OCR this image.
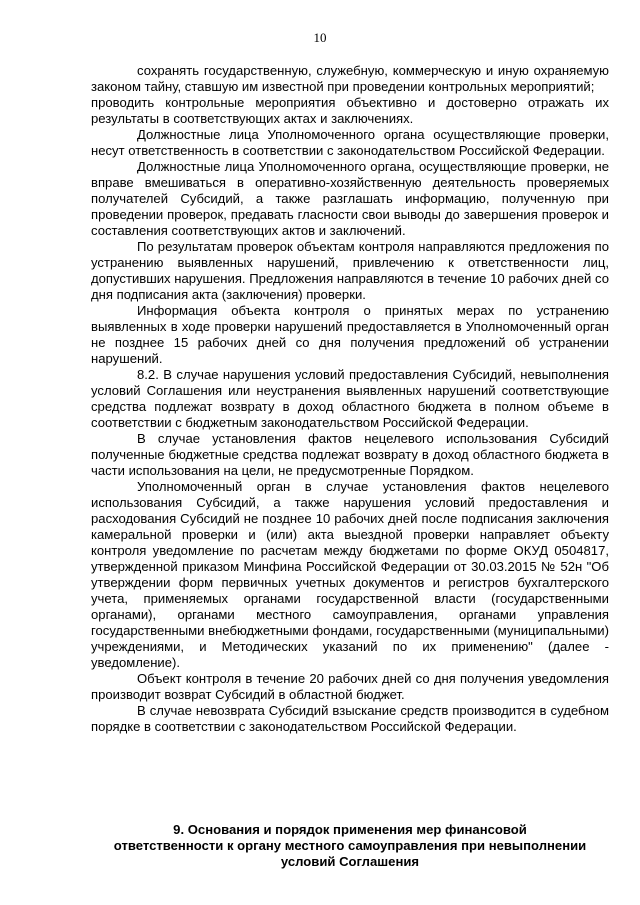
10

сохранять государственную, служебную, коммерческую и иную охраняемую законом тайну, ставшую им известной при проведении контрольных мероприятий;

проводить контрольные мероприятия объективно и достоверно отражать их результаты в соответствующих актах и заключениях.

Должностные лица Уполномоченного органа осуществляющие проверки, несут ответственность в соответствии с законодательством Российской Федерации.

Должностные лица Уполномоченного органа, осуществляющие проверки, не вправе вмешиваться в оперативно-хозяйственную деятельность проверяемых получателей Субсидий, а также разглашать информацию, полученную при проведении проверок, предавать гласности свои выводы до завершения проверок и составления соответствующих актов и заключений.

По результатам проверок объектам контроля направляются предложения по устранению выявленных нарушений, привлечению к ответственности лиц, допустивших нарушения. Предложения направляются в течение 10 рабочих дней со дня подписания акта (заключения) проверки.

Информация объекта контроля о принятых мерах по устранению выявленных в ходе проверки нарушений предоставляется в Уполномоченный орган не позднее 15 рабочих дней со дня получения предложений об устранении нарушений.

8.2. В случае нарушения условий предоставления Субсидий, невыполнения условий Соглашения или неустранения выявленных нарушений соответствующие средства подлежат возврату в доход областного бюджета в полном объеме в соответствии с бюджетным законодательством Российской Федерации.

В случае установления фактов нецелевого использования Субсидий полученные бюджетные средства подлежат возврату в доход областного бюджета в части использования на цели, не предусмотренные Порядком.

Уполномоченный орган в случае установления фактов нецелевого использования Субсидий, а также нарушения условий предоставления и расходования Субсидий не позднее 10 рабочих дней после подписания заключения камеральной проверки и (или) акта выездной проверки направляет объекту контроля уведомление по расчетам между бюджетами по форме ОКУД 0504817, утвержденной приказом Минфина Российской Федерации от 30.03.2015 № 52н "Об утверждении форм первичных учетных документов и регистров бухгалтерского учета, применяемых органами государственной власти (государственными органами), органами местного самоуправления, органами управления государственными внебюджетными фондами, государственными (муниципальными) учреждениями, и Методических указаний по их применению" (далее - уведомление).

Объект контроля в течение 20 рабочих дней со дня получения уведомления производит возврат Субсидий в областной бюджет.

В случае невозврата Субсидий взыскание средств производится в судебном порядке в соответствии с законодательством Российской Федерации.

9. Основания и порядок применения мер финансовой
ответственности к органу местного самоуправления при невыполнении
условий Соглашения
